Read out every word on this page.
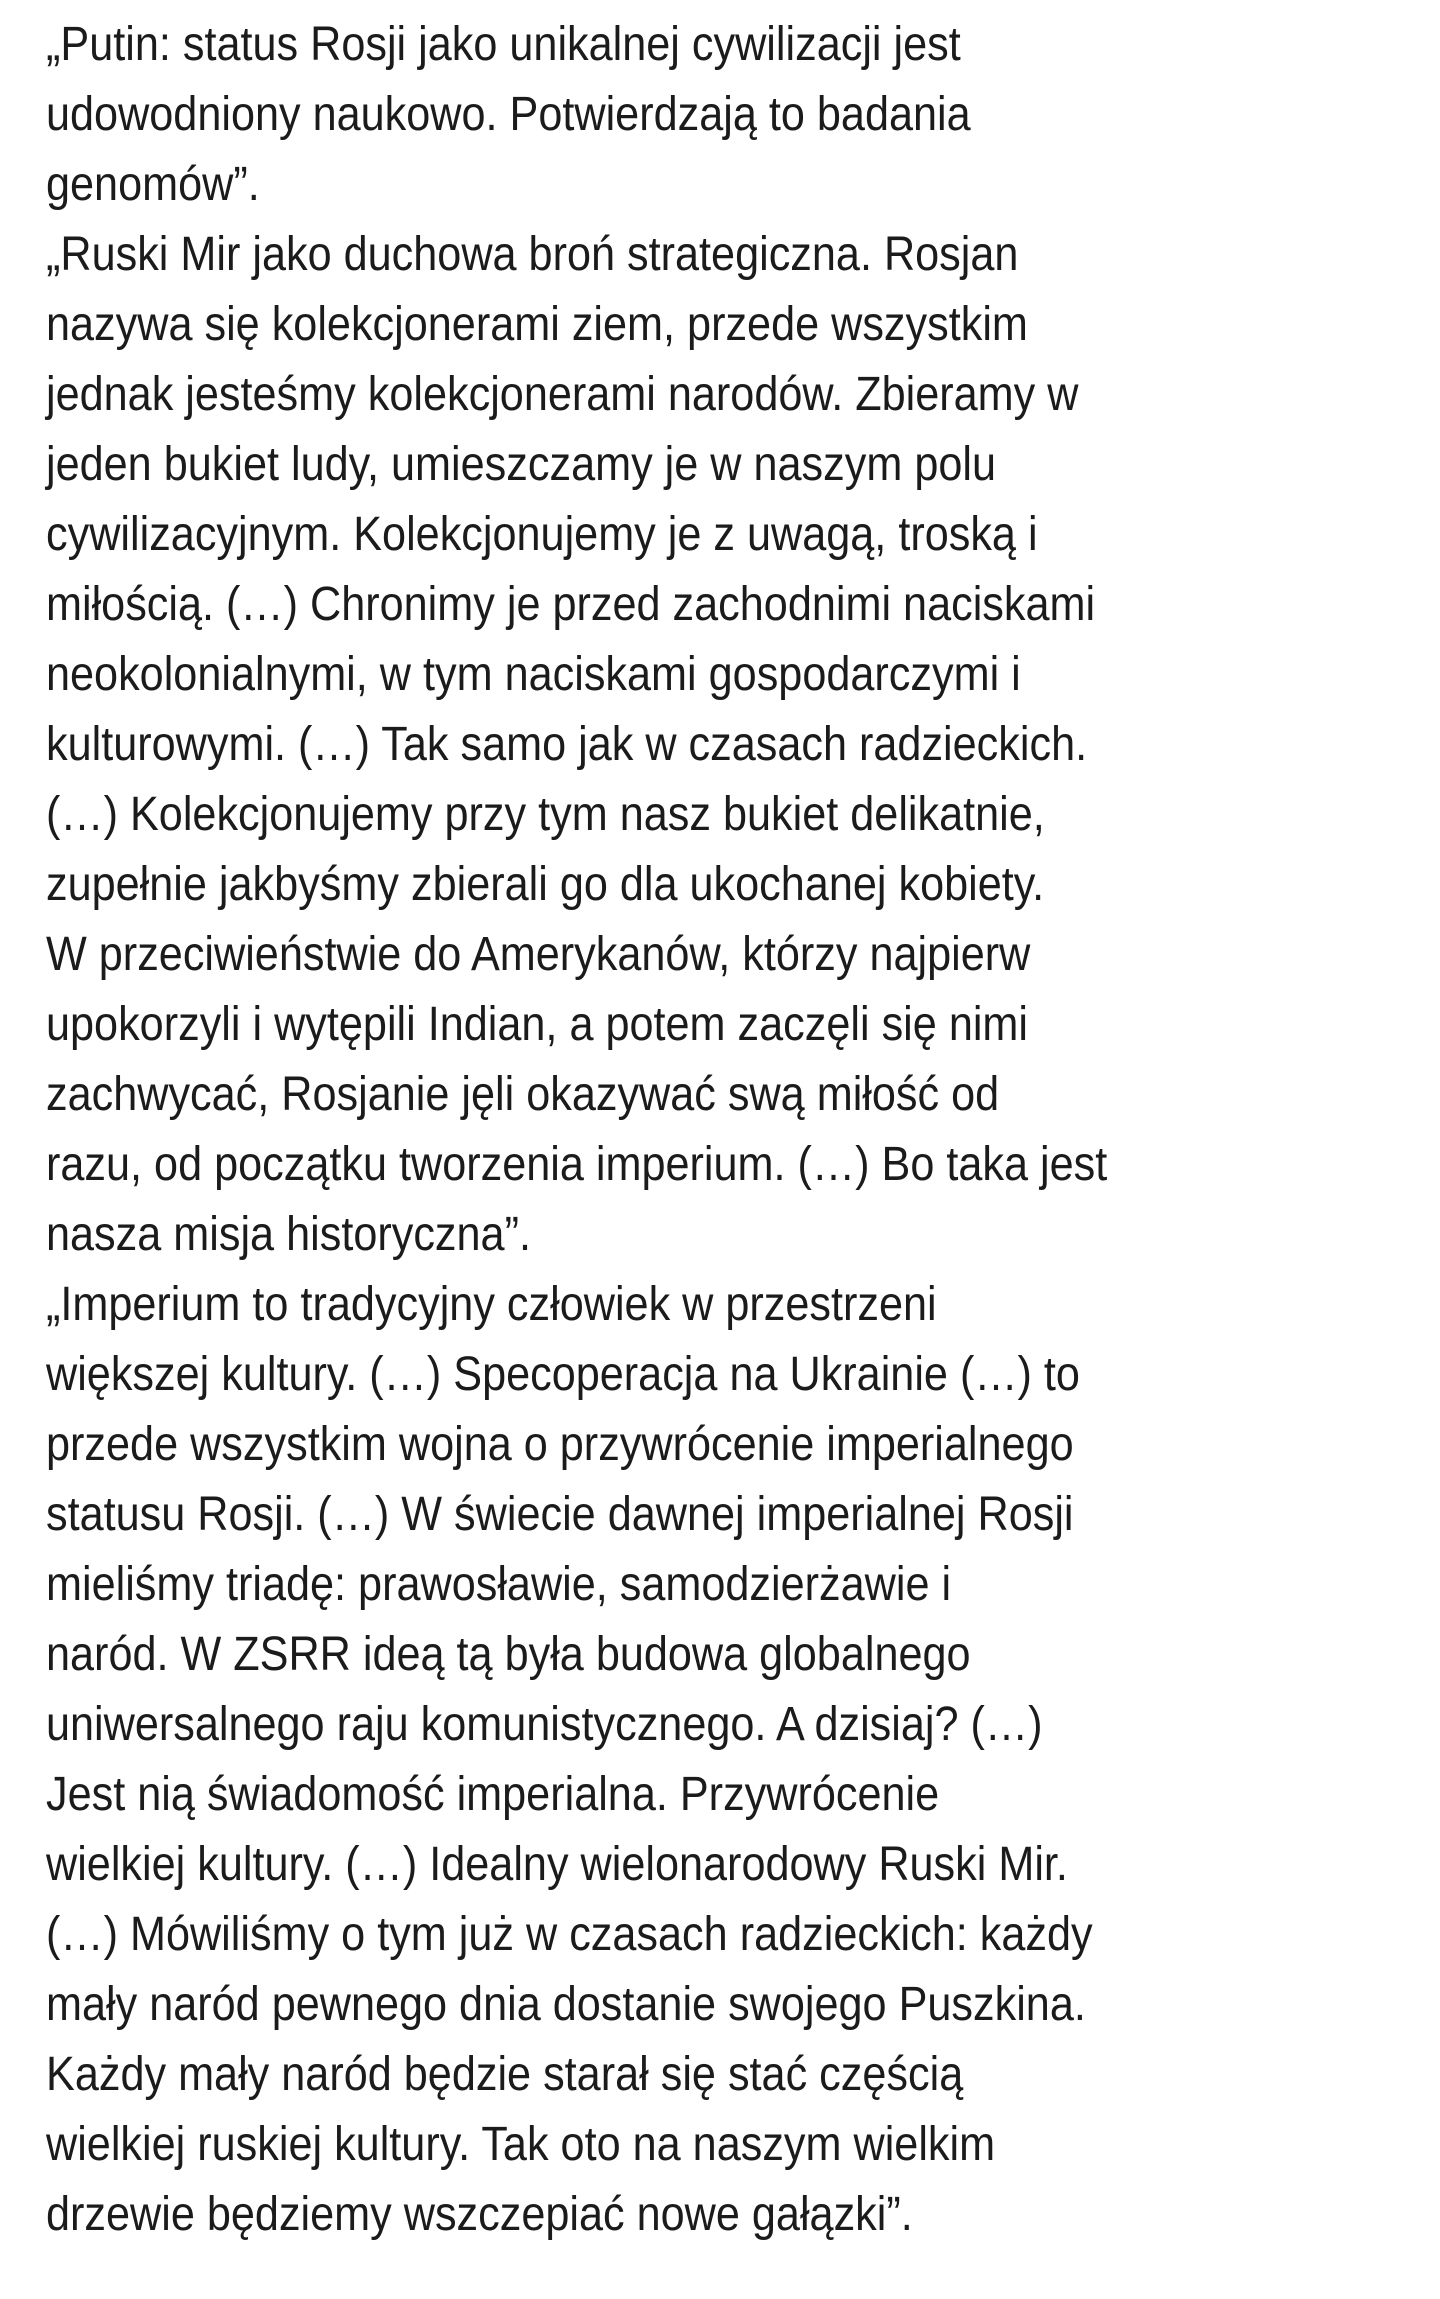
„Putin: status Rosji jako unikalnej cywilizacji jest
udowodniony naukowo. Potwierdzają to badania
genomów”.
„Ruski Mir jako duchowa broń strategiczna. Rosjan
nazywa się kolekcjonerami ziem, przede wszystkim
jednak jesteśmy kolekcjonerami narodów. Zbieramy w
jeden bukiet ludy, umieszczamy je w naszym polu
cywilizacyjnym. Kolekcjonujemy je z uwagą, troską i
miłością. (…) Chronimy je przed zachodnimi naciskami
neokolonialnymi, w tym naciskami gospodarczymi i
kulturowymi. (…) Tak samo jak w czasach radzieckich.
(…) Kolekcjonujemy przy tym nasz bukiet delikatnie,
zupełnie jakbyśmy zbierali go dla ukochanej kobiety.
W przeciwieństwie do Amerykanów, którzy najpierw
upokorzyli i wytępili Indian, a potem zaczęli się nimi
zachwycać, Rosjanie jęli okazywać swą miłość od
razu, od początku tworzenia imperium. (…) Bo taka jest
nasza misja historyczna”.
„Imperium to tradycyjny człowiek w przestrzeni
większej kultury. (…) Specoperacja na Ukrainie (…) to
przede wszystkim wojna o przywrócenie imperialnego
statusu Rosji. (…) W świecie dawnej imperialnej Rosji
mieliśmy triadę: prawosławie, samodzierżawie i
naród. W ZSRR ideą tą była budowa globalnego
uniwersalnego raju komunistycznego. A dzisiaj? (…)
Jest nią świadomość imperialna. Przywrócenie
wielkiej kultury. (…) Idealny wielonarodowy Ruski Mir.
(…) Mówiliśmy o tym już w czasach radzieckich: każdy
mały naród pewnego dnia dostanie swojego Puszkina.
Każdy mały naród będzie starał się stać częścią
wielkiej ruskiej kultury. Tak oto na naszym wielkim
drzewie będziemy wszczepiać nowe gałązki”.
